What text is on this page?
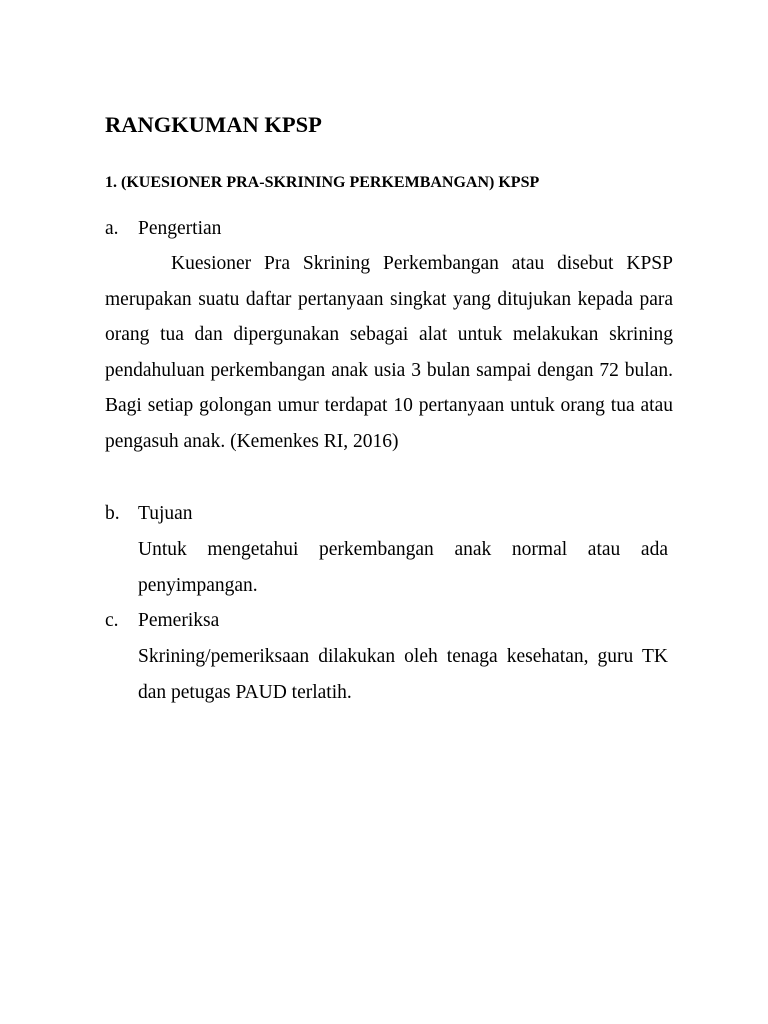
RANGKUMAN KPSP
1. (KUESIONER PRA-SKRINING PERKEMBANGAN) KPSP
a. Pengertian

Kuesioner Pra Skrining Perkembangan atau disebut KPSP merupakan suatu daftar pertanyaan singkat yang ditujukan kepada para orang tua dan dipergunakan sebagai alat untuk melakukan skrining pendahuluan perkembangan anak usia 3 bulan sampai dengan 72 bulan. Bagi setiap golongan umur terdapat 10 pertanyaan untuk orang tua atau pengasuh anak. (Kemenkes RI, 2016)

b. Tujuan

Untuk mengetahui perkembangan anak normal atau ada penyimpangan.

c. Pemeriksa

Skrining/pemeriksaan dilakukan oleh tenaga kesehatan, guru TK dan petugas PAUD terlatih.
